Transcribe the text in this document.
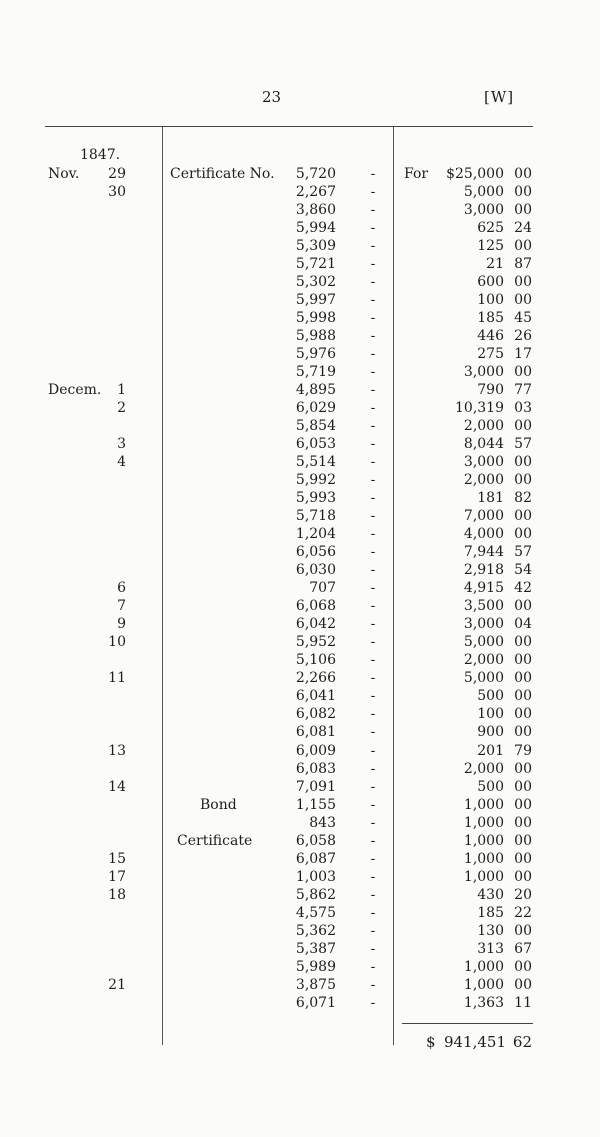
23	[W]
1847.
Nov.	29	Certificate No.	5,720 - For	$25,000 00
30	2,267 -	5,000 00
3,860 -	3,000 00
5,994 -	625 24
5,309 -	125 00
5,721 -	21 87
5,302 -	600 00
5,997 -	100 00
5,998 -	185 45
5,988 -	446 26
5,976 -	275 17
5,719 -	3,000 00
Decem.	1	4,895 -	790 77
2	6,029 -	10,319 03
5,854 -	2,000 00
3	6,053 -	8,044 57
4	5,514 -	3,000 00
5,992 -	2,000 00
5,993 -	181 82
5,718 -	7,000 00
1,204 -	4,000 00
6,056 -	7,944 57
6,030 -	2,918 54
6	707 -	4,915 42
7	6,068 -	3,500 00
9	6,042 -	3,000 04
10	5,952 -	5,000 00
5,106 -	2,000 00
11	2,266 -	5,000 00
6,041 -	500 00
6,082 -	100 00
6,081 -	900 00
13	6,009 -	201 79
6,083 -	2,000 00
14	7,091 -	500 00
Bond	1,155 -	1,000 00
843 -	1,000 00
Certificate	6,058 -	1,000 00
15	6,087 -	1,000 00
17	1,003 -	1,000 00
18	5,862 -	430 20
4,575 -	185 22
5,362 -	130 00
5,387 -	313 67
5,989 -	1,000 00
21	3,875 -	1,000 00
6,071 -	1,363 11
$ 941,451 62
